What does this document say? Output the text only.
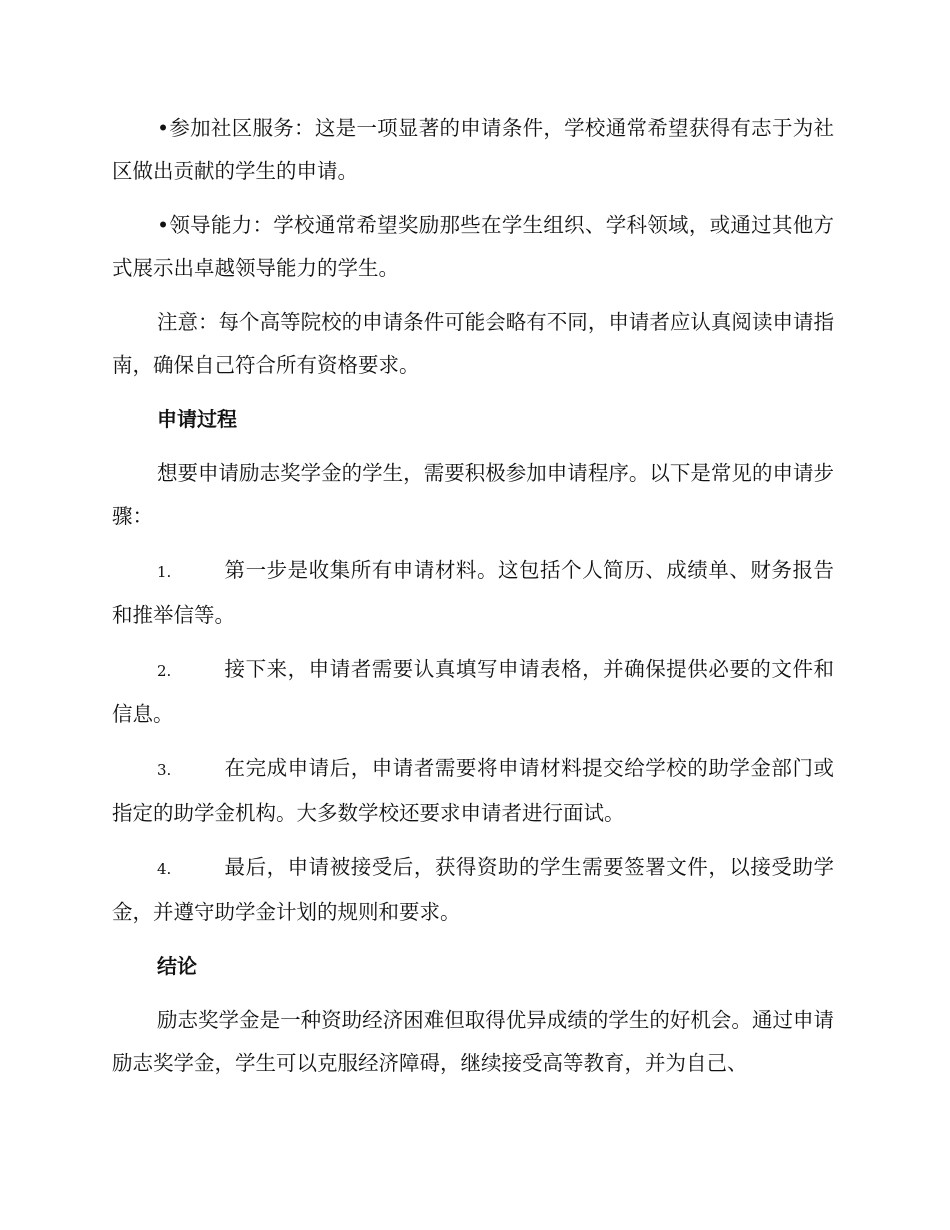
•参加社区服务：这是一项显著的申请条件，学校通常希望获得有志于为社区做出贡献的学生的申请。

•领导能力：学校通常希望奖励那些在学生组织、学科领域，或通过其他方式展示出卓越领导能力的学生。

注意：每个高等院校的申请条件可能会略有不同，申请者应认真阅读申请指南，确保自己符合所有资格要求。

申请过程

想要申请励志奖学金的学生，需要积极参加申请程序。以下是常见的申请步骤：

1.	第一步是收集所有申请材料。这包括个人简历、成绩单、财务报告和推举信等。

2.	接下来，申请者需要认真填写申请表格，并确保提供必要的文件和信息。

3.	在完成申请后，申请者需要将申请材料提交给学校的助学金部门或指定的助学金机构。大多数学校还要求申请者进行面试。

4.	最后，申请被接受后，获得资助的学生需要签署文件，以接受助学金，并遵守助学金计划的规则和要求。

结论

励志奖学金是一种资助经济困难但取得优异成绩的学生的好机会。通过申请励志奖学金，学生可以克服经济障碍，继续接受高等教育，并为自己、
